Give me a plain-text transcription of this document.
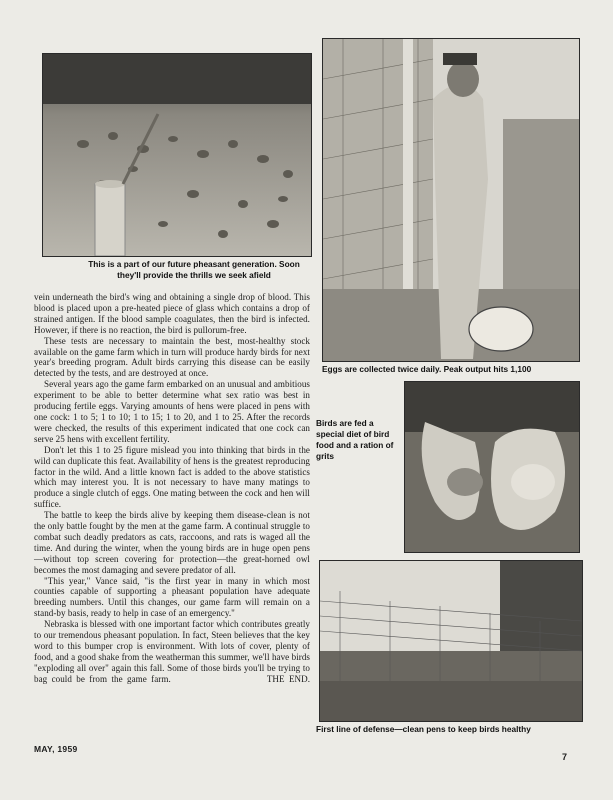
This is a part of our future pheasant generation. Soon they'll provide the thrills we seek afield
Eggs are collected twice daily. Peak output hits 1,100
Birds are fed a special diet of bird food and a ration of grits
First line of defense—clean pens to keep birds healthy

vein underneath the bird's wing and obtaining a single drop of blood. This blood is placed upon a pre-heated piece of glass which contains a drop of strained antigen. If the blood sample coagulates, then the bird is infected. However, if there is no reaction, the bird is pullorum-free.

These tests are necessary to maintain the best, most-healthy stock available on the game farm which in turn will produce hardy birds for next year's breeding program. Adult birds carrying this disease can be easily detected by the tests, and are destroyed at once.

Several years ago the game farm embarked on an unusual and ambitious experiment to be able to better determine what sex ratio was best in producing fertile eggs. Varying amounts of hens were placed in pens with one cock: 1 to 5; 1 to 10; 1 to 15; 1 to 20, and 1 to 25. After the records were checked, the results of this experiment indicated that one cock can serve 25 hens with excellent fertility.

Don't let this 1 to 25 figure mislead you into thinking that birds in the wild can duplicate this feat. Availability of hens is the greatest reproducing factor in the wild. And a little known fact is added to the above statistics which may interest you. It is not necessary to have many matings to produce a single clutch of eggs. One mating between the cock and hen will suffice.

The battle to keep the birds alive by keeping them disease-clean is not the only battle fought by the men at the game farm. A continual struggle to combat such deadly predators as cats, raccoons, and rats is waged all the time. And during the winter, when the young birds are in huge open pens—without top screen covering for protection—the great-horned owl becomes the most damaging and severe predator of all.

"This year," Vance said, "is the first year in many in which most counties capable of supporting a pheasant population have adequate breeding numbers. Until this changes, our game farm will remain on a stand-by basis, ready to help in case of an emergency."

Nebraska is blessed with one important factor which contributes greatly to our tremendous pheasant population. In fact, Steen believes that the key word to this bumper crop is environment. With lots of cover, plenty of food, and a good shake from the weatherman this summer, we'll have birds "exploding all over" again this fall. Some of those birds you'll be trying to bag could be from the game farm.	THE END.

MAY, 1959
7
